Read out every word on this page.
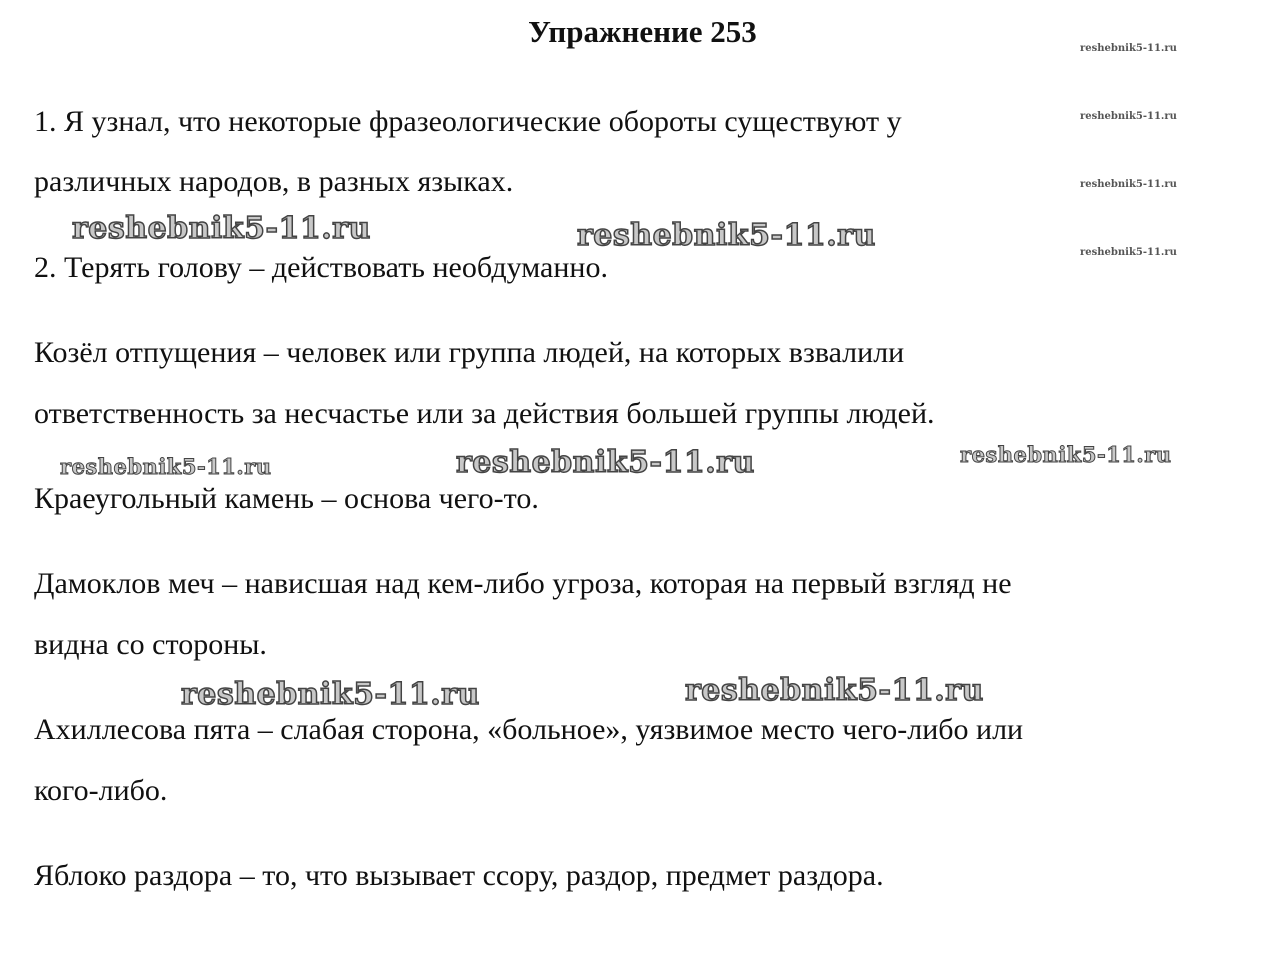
Упражнение 253
1. Я узнал, что некоторые фразеологические обороты существуют у
различных народов, в разных языках.
2. Терять голову – действовать необдуманно.
Козёл отпущения – человек или группа людей, на которых взвалили
ответственность за несчастье или за действия большей группы людей.
Краеугольный камень – основа чего-то.
Дамоклов меч – нависшая над кем-либо угроза, которая на первый взгляд не
видна со стороны.
Ахиллесова пята – слабая сторона, «больное», уязвимое место чего-либо или
кого-либо.
Яблоко раздора – то, что вызывает ссору, раздор, предмет раздора.
reshebnik5-11.ru
reshebnik5-11.ru
reshebnik5-11.ru
reshebnik5-11.ru
reshebnik5-11.ru	reshebnik5-11.ru
reshebnik5-11.ru	reshebnik5-11.ru	reshebnik5-11.ru
reshebnik5-11.ru	reshebnik5-11.ru
